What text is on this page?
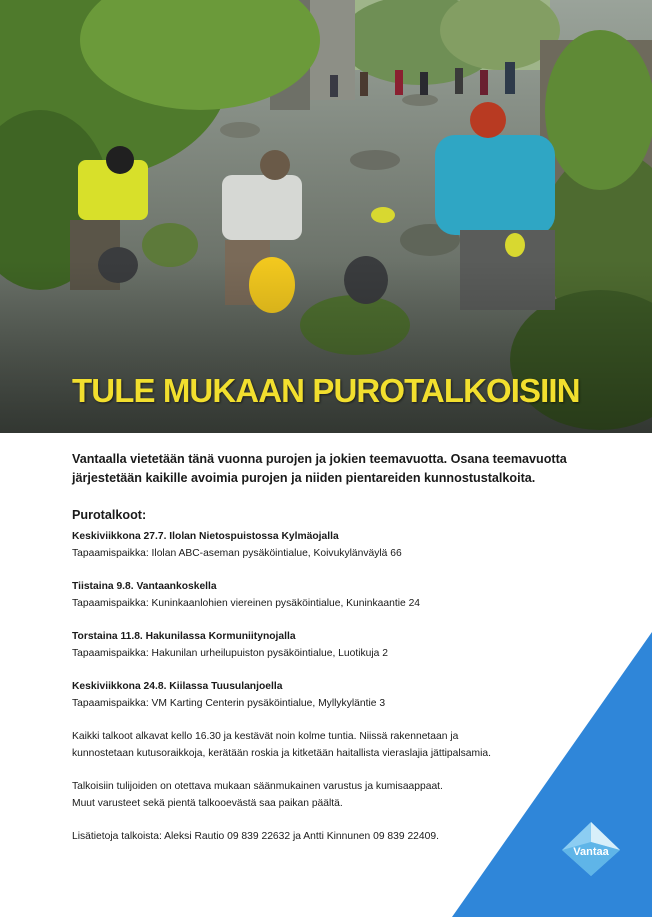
TULE MUKAAN PUROTALKOISIIN
Vantaa

Vantaalla vietetään tänä vuonna purojen ja jokien teemavuotta. Osana teemavuotta järjestetään kaikille avoimia purojen ja niiden pientareiden kunnostustalkoita.

Purotalkoot:

Keskiviikkona 27.7. Ilolan Nietospuistossa Kylmäojalla
Tapaamispaikka: Ilolan ABC-aseman pysäköintialue, Koivukylänväylä 66
Tiistaina 9.8. Vantaankoskella
Tapaamispaikka: Kuninkaanlohien viereinen pysäköintialue, Kuninkaantie 24
Torstaina 11.8. Hakunilassa Kormuniitynojalla
Tapaamispaikka: Hakunilan urheilupuiston pysäköintialue, Luotikuja 2
Keskiviikkona 24.8. Kiilassa Tuusulanjoella
Tapaamispaikka: VM Karting Centerin pysäköintialue, Myllykyläntie 3

Kaikki talkoot alkavat kello 16.30 ja kestävät noin kolme tuntia. Niissä rakennetaan ja
kunnostetaan kutusoraikkoja, kerätään roskia ja kitketään haitallista vieraslajia jättipalsamia.

Talkoisiin tulijoiden on otettava mukaan säänmukainen varustus ja kumisaappaat.
Muut varusteet sekä pientä talkooevästä saa paikan päältä.

Lisätietoja talkoista: Aleksi Rautio 09 839 22632 ja Antti Kinnunen 09 839 22409.
